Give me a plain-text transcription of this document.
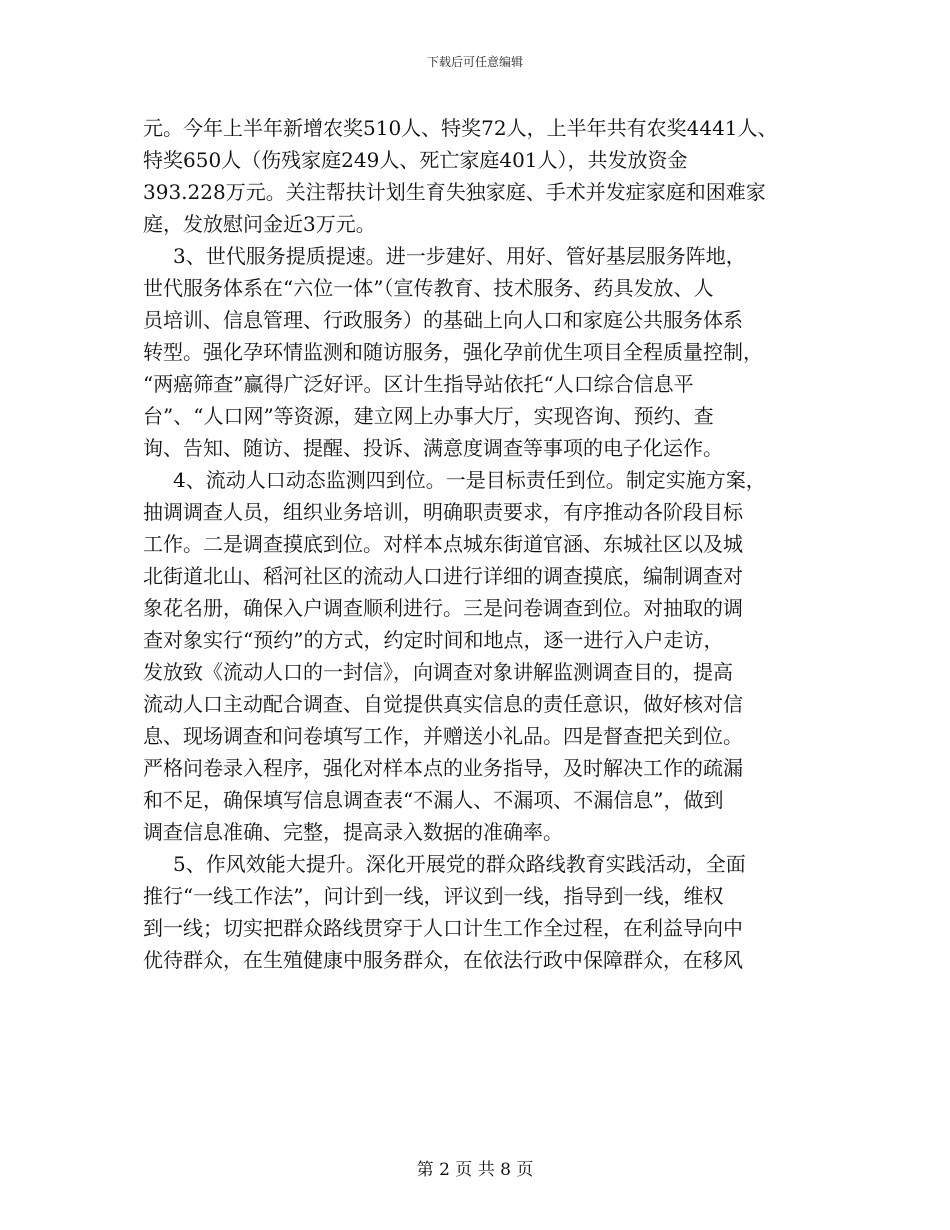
下载后可任意编辑
元。今年上半年新增农奖510人、特奖72人，上半年共有农奖4441人、
特奖650人（伤残家庭249人、死亡家庭401人），共发放资金
393.228万元。关注帮扶计划生育失独家庭、手术并发症家庭和困难家
庭，发放慰问金近3万元。
3、世代服务提质提速。进一步建好、用好、管好基层服务阵地，
世代服务体系在“六位一体”（宣传教育、技术服务、药具发放、人
员培训、信息管理、行政服务）的基础上向人口和家庭公共服务体系
转型。强化孕环情监测和随访服务，强化孕前优生项目全程质量控制，
“两癌筛查”赢得广泛好评。区计生指导站依托“人口综合信息平
台”、“人口网”等资源，建立网上办事大厅，实现咨询、预约、查
询、告知、随访、提醒、投诉、满意度调查等事项的电子化运作。
4、流动人口动态监测四到位。一是目标责任到位。制定实施方案，
抽调调查人员，组织业务培训，明确职责要求，有序推动各阶段目标
工作。二是调查摸底到位。对样本点城东街道官涵、东城社区以及城
北街道北山、稻河社区的流动人口进行详细的调查摸底，编制调查对
象花名册，确保入户调查顺利进行。三是问卷调查到位。对抽取的调
查对象实行“预约”的方式，约定时间和地点，逐一进行入户走访，
发放致《流动人口的一封信》，向调查对象讲解监测调查目的，提高
流动人口主动配合调查、自觉提供真实信息的责任意识，做好核对信
息、现场调查和问卷填写工作，并赠送小礼品。四是督查把关到位。
严格问卷录入程序，强化对样本点的业务指导，及时解决工作的疏漏
和不足，确保填写信息调查表“不漏人、不漏项、不漏信息”，做到
调查信息准确、完整，提高录入数据的准确率。
5、作风效能大提升。深化开展党的群众路线教育实践活动，全面
推行“一线工作法”，问计到一线，评议到一线，指导到一线，维权
到一线；切实把群众路线贯穿于人口计生工作全过程，在利益导向中
优待群众，在生殖健康中服务群众，在依法行政中保障群众，在移风
第 2 页 共 8 页
